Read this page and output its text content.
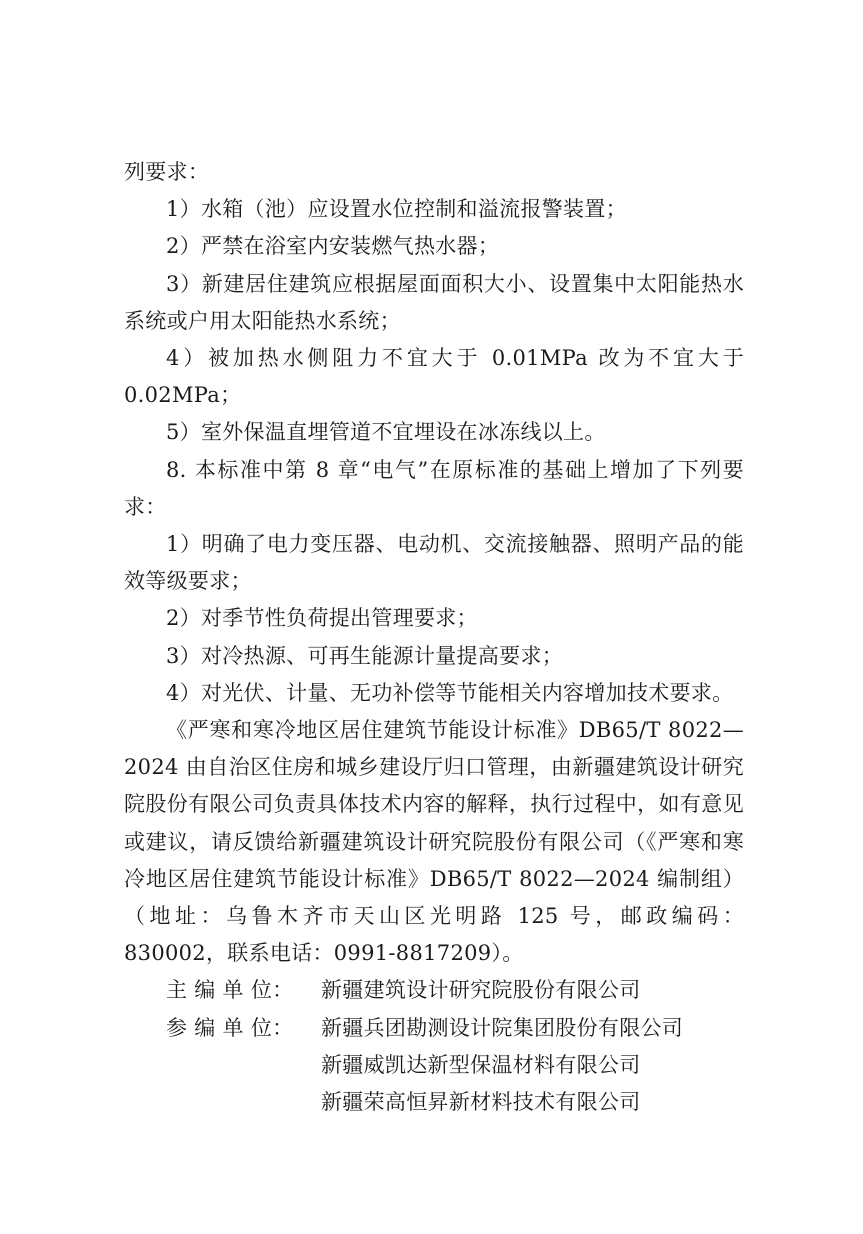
列要求：

1）水箱（池）应设置水位控制和溢流报警装置；

2）严禁在浴室内安装燃气热水器；

3）新建居住建筑应根据屋面面积大小、设置集中太阳能热水系统或户用太阳能热水系统；

4）被加热水侧阻力不宜大于 0.01MPa 改为不宜大于 0.02MPa；

5）室外保温直埋管道不宜埋设在冰冻线以上。

8. 本标准中第 8 章“电气”在原标准的基础上增加了下列要求：

1）明确了电力变压器、电动机、交流接触器、照明产品的能效等级要求；

2）对季节性负荷提出管理要求；

3）对冷热源、可再生能源计量提高要求；

4）对光伏、计量、无功补偿等节能相关内容增加技术要求。

《严寒和寒冷地区居住建筑节能设计标准》DB65/T 8022—2024 由自治区住房和城乡建设厅归口管理，由新疆建筑设计研究院股份有限公司负责具体技术内容的解释，执行过程中，如有意见或建议，请反馈给新疆建筑设计研究院股份有限公司（《严寒和寒冷地区居住建筑节能设计标准》DB65/T 8022—2024 编制组）（地址：乌鲁木齐市天山区光明路 125 号，邮政编码：830002，联系电话：0991-8817209）。

主 编 单 位：	新疆建筑设计研究院股份有限公司
参 编 单 位：	新疆兵团勘测设计院集团股份有限公司
新疆威凯达新型保温材料有限公司
新疆荣高恒昇新材料技术有限公司
